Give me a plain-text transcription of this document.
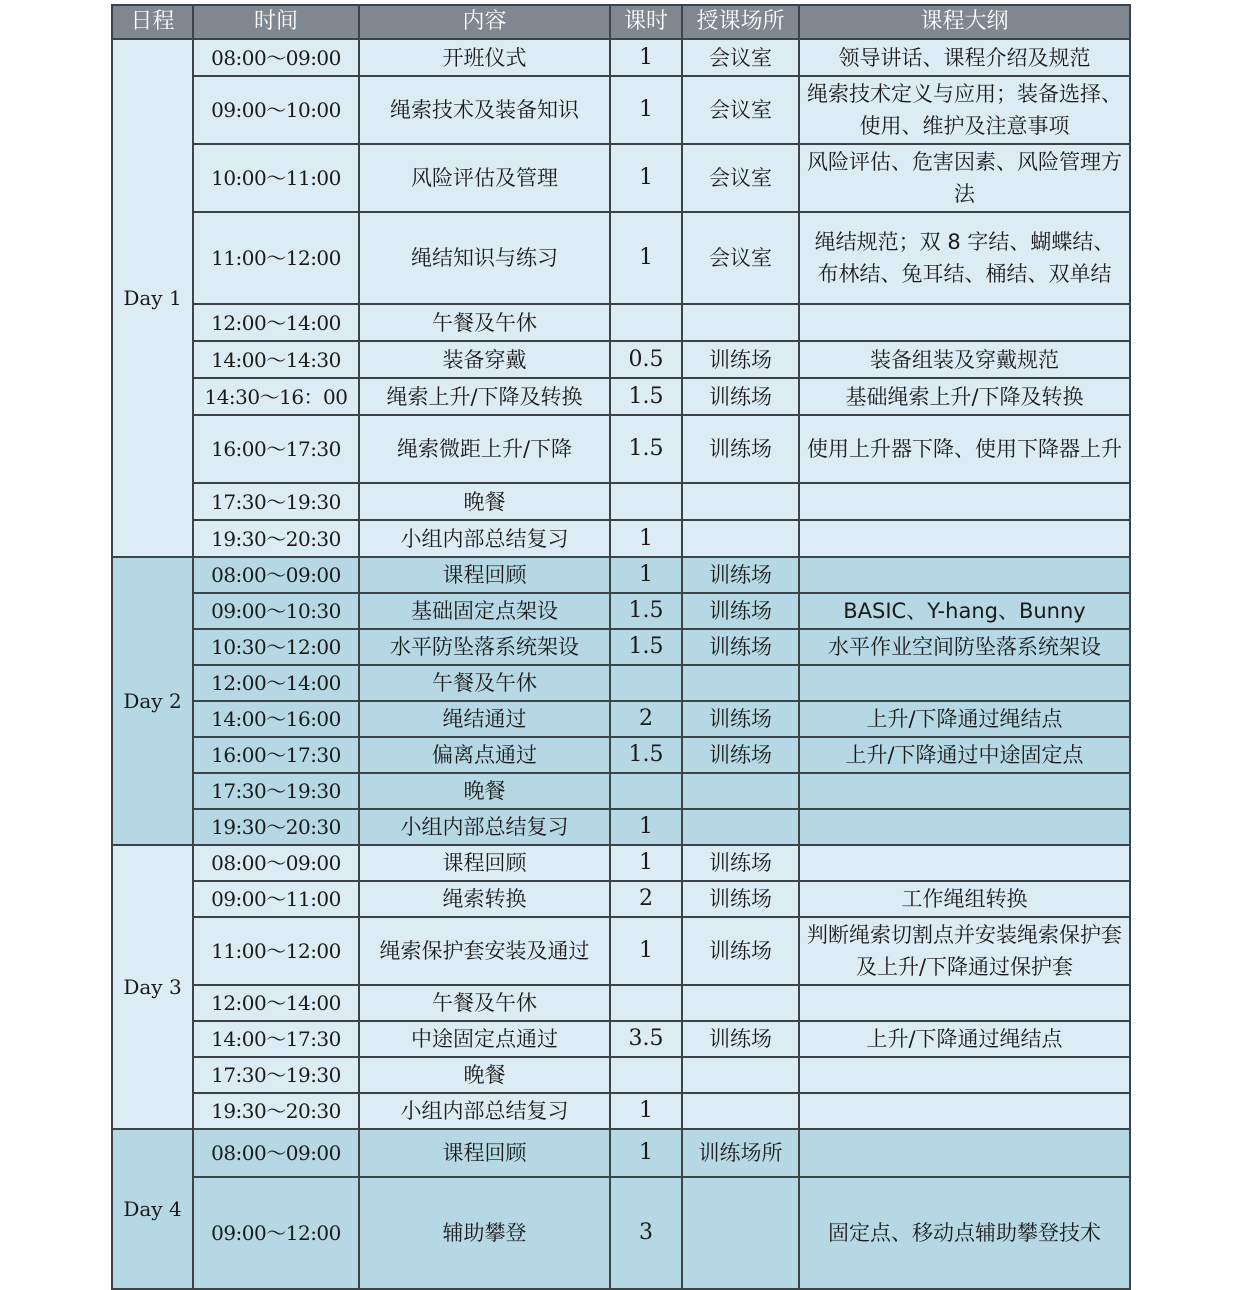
日程	时间	内容	课时	授课场所	课程大纲
Day 1	08:00～09:00	开班仪式	1	会议室	领导讲话、课程介绍及规范
	09:00～10:00	绳索技术及装备知识	1	会议室	绳索技术定义与应用；装备选择、使用、维护及注意事项
	10:00～11:00	风险评估及管理	1	会议室	风险评估、危害因素、风险管理方法
	11:00～12:00	绳结知识与练习	1	会议室	绳结规范；双 8 字结、蝴蝶结、布林结、兔耳结、桶结、双单结
	12:00～14:00	午餐及午休			
	14:00～14:30	装备穿戴	0.5	训练场	装备组装及穿戴规范
	14:30～16：00	绳索上升/下降及转换	1.5	训练场	基础绳索上升/下降及转换
	16:00～17:30	绳索微距上升/下降	1.5	训练场	使用上升器下降、使用下降器上升
	17:30～19:30	晚餐			
	19:30～20:30	小组内部总结复习	1		
Day 2	08:00～09:00	课程回顾	1	训练场	
	09:00～10:30	基础固定点架设	1.5	训练场	BASIC、Y-hang、Bunny
	10:30～12:00	水平防坠落系统架设	1.5	训练场	水平作业空间防坠落系统架设
	12:00～14:00	午餐及午休			
	14:00～16:00	绳结通过	2	训练场	上升/下降通过绳结点
	16:00～17:30	偏离点通过	1.5	训练场	上升/下降通过中途固定点
	17:30～19:30	晚餐			
	19:30～20:30	小组内部总结复习	1		
Day 3	08:00～09:00	课程回顾	1	训练场	
	09:00～11:00	绳索转换	2	训练场	工作绳组转换
	11:00～12:00	绳索保护套安装及通过	1	训练场	判断绳索切割点并安装绳索保护套及上升/下降通过保护套
	12:00～14:00	午餐及午休			
	14:00～17:30	中途固定点通过	3.5	训练场	上升/下降通过绳结点
	17:30～19:30	晚餐			
	19:30～20:30	小组内部总结复习	1		
Day 4	08:00～09:00	课程回顾	1	训练场所	
	09:00～12:00	辅助攀登	3		固定点、移动点辅助攀登技术
